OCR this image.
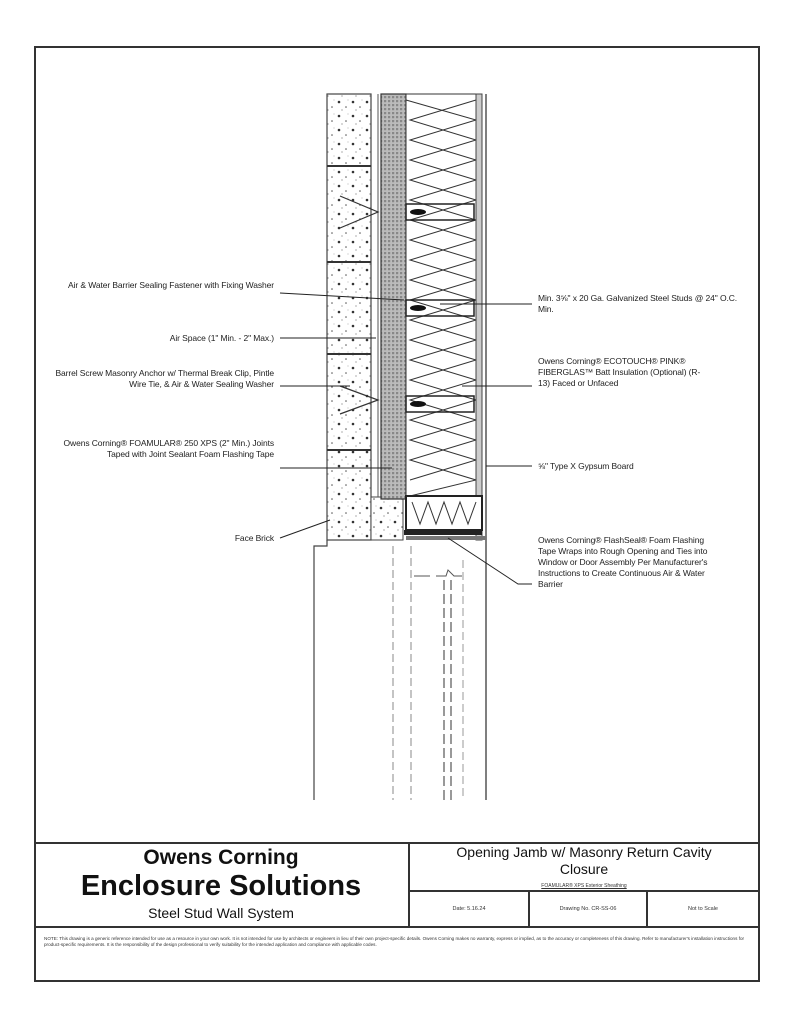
Air & Water Barrier Sealing Fastener with Fixing Washer
Air Space (1" Min. - 2" Max.)
Barrel Screw Masonry Anchor w/ Thermal Break Clip, Pintle Wire Tie, & Air & Water Sealing Washer
Owens Corning® FOAMULAR® 250 XPS (2" Min.) Joints Taped with Joint Sealant Foam Flashing Tape
Face Brick
Min. 3⅝" x 20 Ga. Galvanized Steel Studs @ 24" O.C. Min.
Owens Corning® ECOTOUCH® PINK® FIBERGLAS™ Batt Insulation (Optional) (R-13) Faced or Unfaced
⅝" Type X Gypsum Board
Owens Corning® FlashSeal® Foam Flashing Tape Wraps into Rough Opening and Ties into Window or Door Assembly Per Manufacturer's Instructions to Create Continuous Air & Water Barrier
Owens Corning
Enclosure Solutions
Steel Stud Wall System
Opening Jamb w/ Masonry Return Cavity
Closure
FOAMULAR® XPS Exterior Sheathing
Date: 5.16.24	Drawing No. CR-SS-06	Not to Scale
NOTE: This drawing is a generic reference intended for use as a resource in your own work. It is not intended for use by architects or engineers in lieu of their own project-specific details. Owens Corning makes no warranty, express or implied, as to the accuracy or completeness of this drawing. Refer to manufacturer's installation instructions for product-specific requirements. It is the responsibility of the design professional to verify suitability for the intended application and compliance with applicable codes.
